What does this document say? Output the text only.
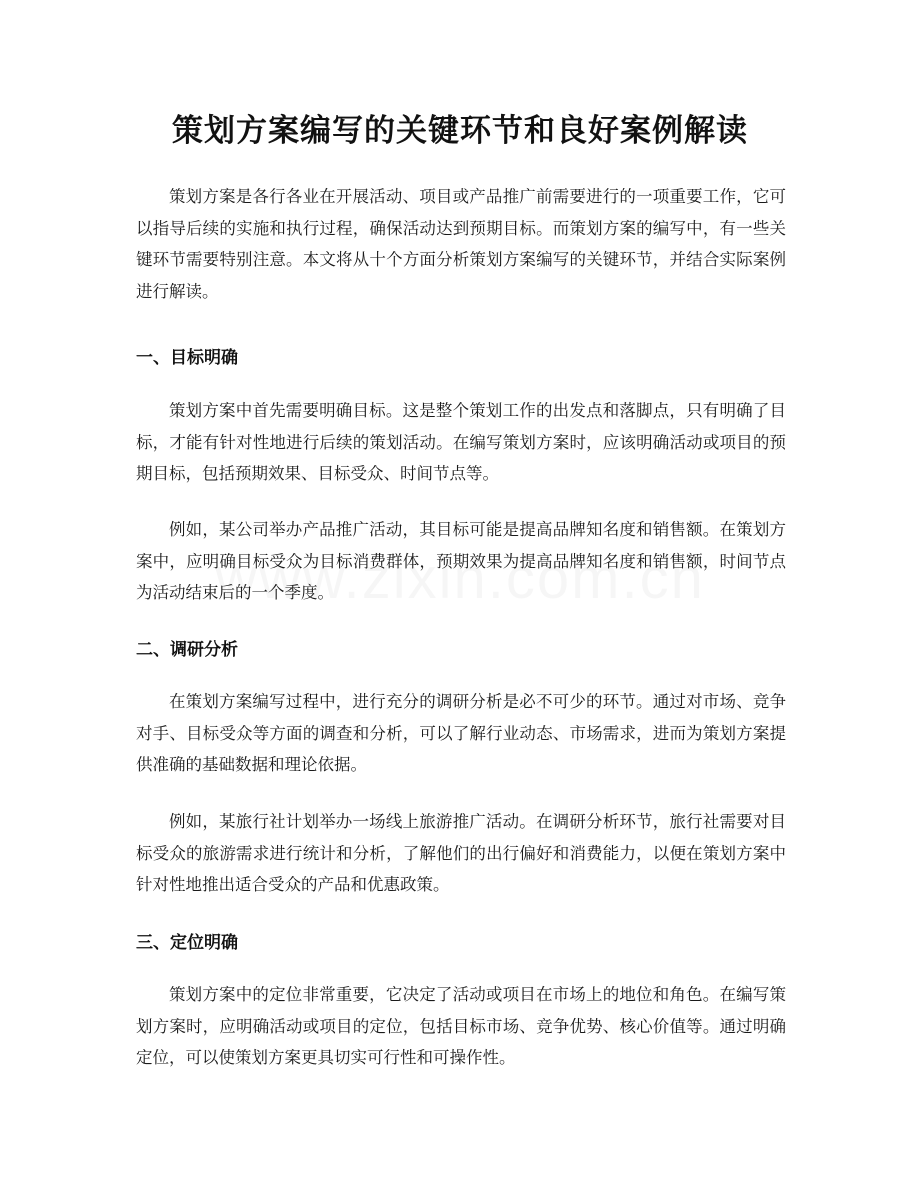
策划方案编写的关键环节和良好案例解读
策划方案是各行各业在开展活动、项目或产品推广前需要进行的一项重要工作，它可以指导后续的实施和执行过程，确保活动达到预期目标。而策划方案的编写中，有一些关键环节需要特别注意。本文将从十个方面分析策划方案编写的关键环节，并结合实际案例进行解读。
一、目标明确
策划方案中首先需要明确目标。这是整个策划工作的出发点和落脚点，只有明确了目标，才能有针对性地进行后续的策划活动。在编写策划方案时，应该明确活动或项目的预期目标，包括预期效果、目标受众、时间节点等。
例如，某公司举办产品推广活动，其目标可能是提高品牌知名度和销售额。在策划方案中，应明确目标受众为目标消费群体，预期效果为提高品牌知名度和销售额，时间节点为活动结束后的一个季度。
二、调研分析
在策划方案编写过程中，进行充分的调研分析是必不可少的环节。通过对市场、竞争对手、目标受众等方面的调查和分析，可以了解行业动态、市场需求，进而为策划方案提供准确的基础数据和理论依据。
例如，某旅行社计划举办一场线上旅游推广活动。在调研分析环节，旅行社需要对目标受众的旅游需求进行统计和分析，了解他们的出行偏好和消费能力，以便在策划方案中针对性地推出适合受众的产品和优惠政策。
三、定位明确
策划方案中的定位非常重要，它决定了活动或项目在市场上的地位和角色。在编写策划方案时，应明确活动或项目的定位，包括目标市场、竞争优势、核心价值等。通过明确定位，可以使策划方案更具切实可行性和可操作性。
